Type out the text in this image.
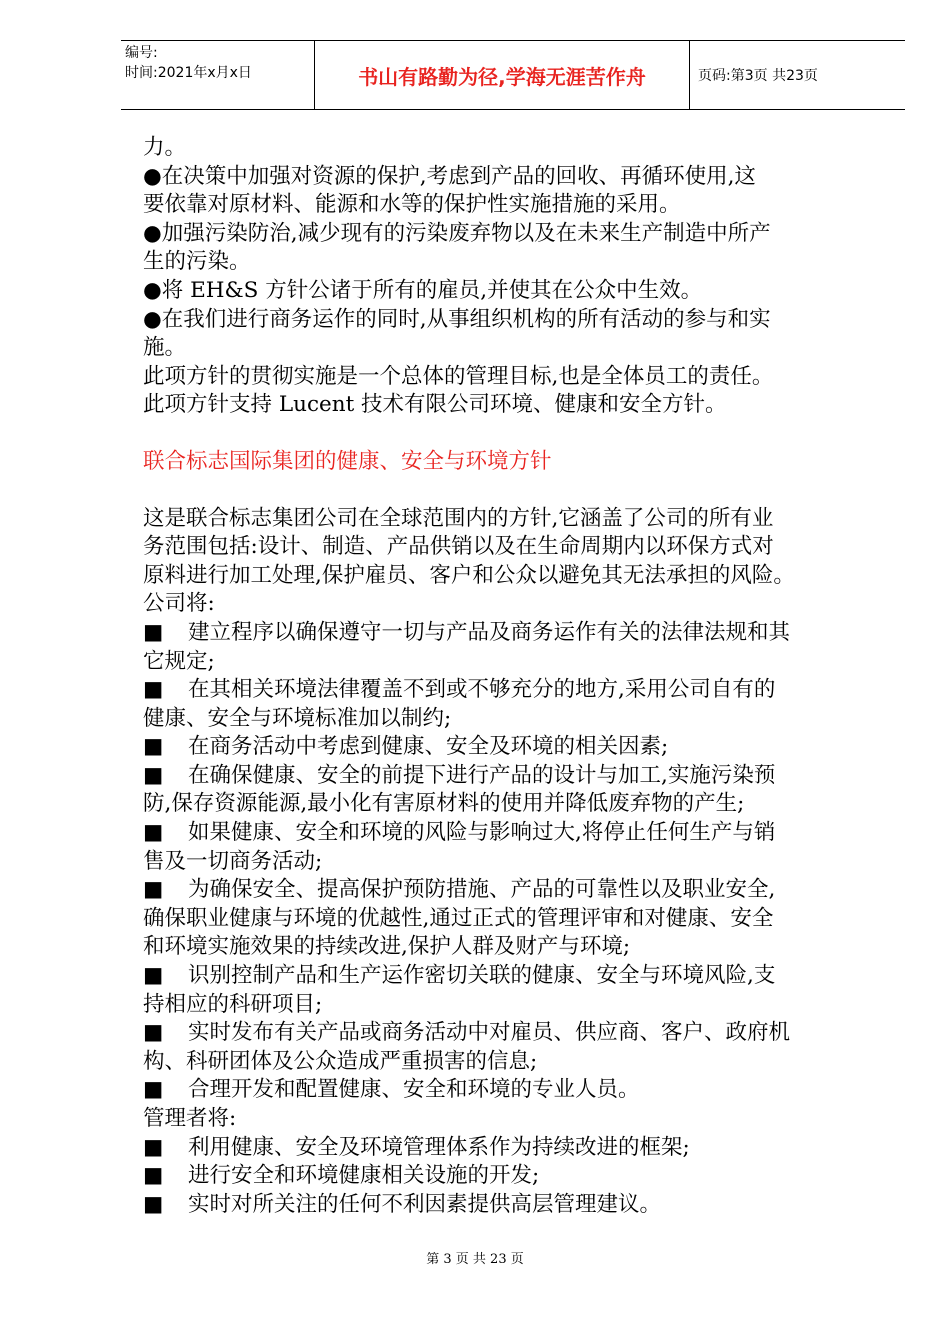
编号:
时间:2021年x月x日	书山有路勤为径,学海无涯苦作舟	页码:第3页 共23页

力。

●在决策中加强对资源的保护,考虑到产品的回收、再循环使用,这

要依靠对原材料、能源和水等的保护性实施措施的采用。

●加强污染防治,减少现有的污染废弃物以及在未来生产制造中所产

生的污染。

●将 EH&S 方针公诸于所有的雇员,并使其在公众中生效。

●在我们进行商务运作的同时,从事组织机构的所有活动的参与和实

施。

此项方针的贯彻实施是一个总体的管理目标,也是全体员工的责任。

此项方针支持 Lucent 技术有限公司环境、健康和安全方针。

联合标志国际集团的健康、安全与环境方针

这是联合标志集团公司在全球范围内的方针,它涵盖了公司的所有业

务范围包括:设计、制造、产品供销以及在生命周期内以环保方式对

原料进行加工处理,保护雇员、客户和公众以避免其无法承担的风险。

公司将:

■ 建立程序以确保遵守一切与产品及商务运作有关的法律法规和其

它规定;

■ 在其相关环境法律覆盖不到或不够充分的地方,采用公司自有的

健康、安全与环境标准加以制约;

■ 在商务活动中考虑到健康、安全及环境的相关因素;

■ 在确保健康、安全的前提下进行产品的设计与加工,实施污染预

防,保存资源能源,最小化有害原材料的使用并降低废弃物的产生;

■ 如果健康、安全和环境的风险与影响过大,将停止任何生产与销

售及一切商务活动;

■ 为确保安全、提高保护预防措施、产品的可靠性以及职业安全,

确保职业健康与环境的优越性,通过正式的管理评审和对健康、安全

和环境实施效果的持续改进,保护人群及财产与环境;

■ 识别控制产品和生产运作密切关联的健康、安全与环境风险,支

持相应的科研项目;

■ 实时发布有关产品或商务活动中对雇员、供应商、客户、政府机

构、科研团体及公众造成严重损害的信息;

■ 合理开发和配置健康、安全和环境的专业人员。

管理者将:

■ 利用健康、安全及环境管理体系作为持续改进的框架;

■ 进行安全和环境健康相关设施的开发;

■ 实时对所关注的任何不利因素提供高层管理建议。

第 3 页 共 23 页
